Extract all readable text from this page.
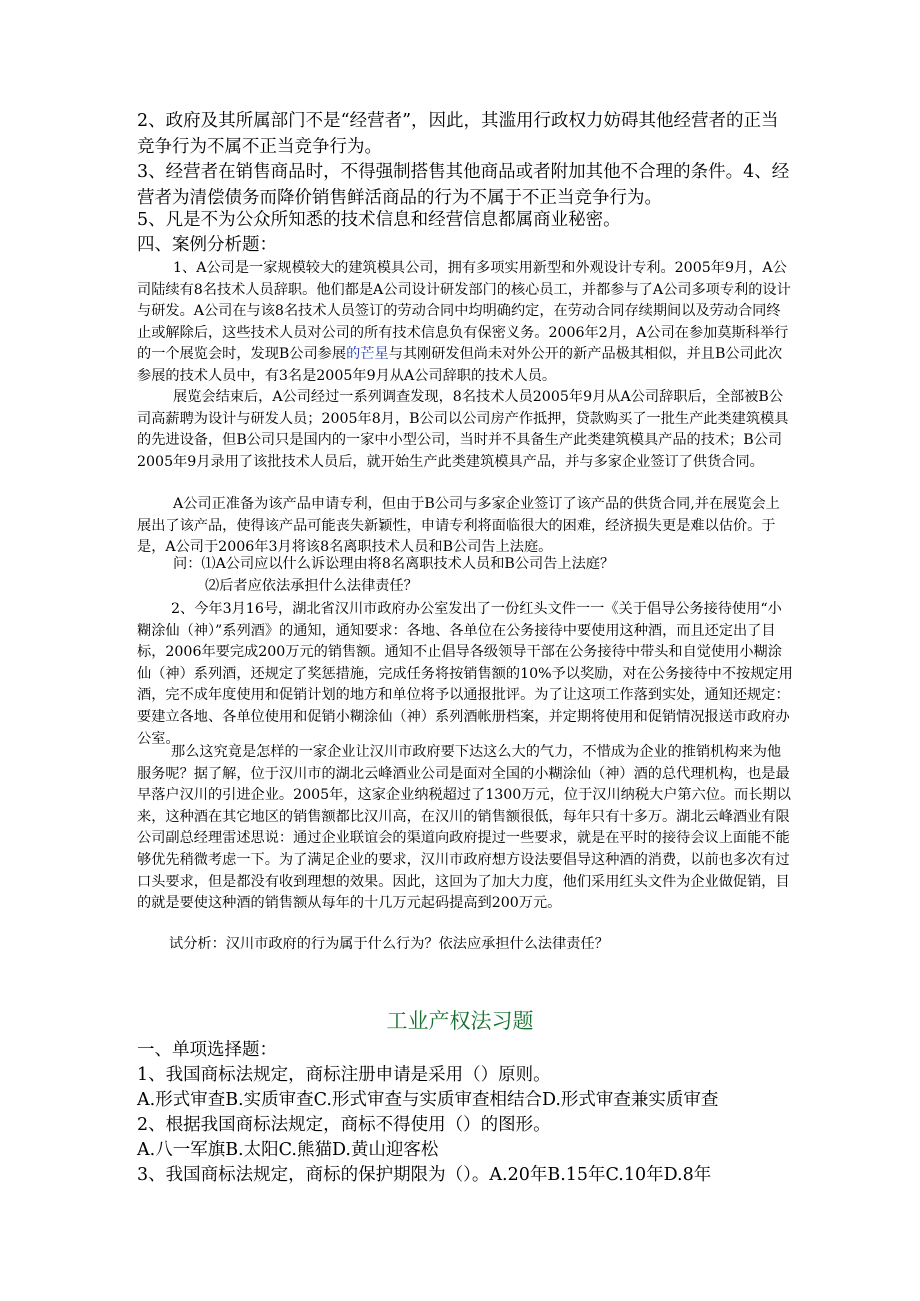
2、政府及其所属部门不是“经营者”，因此，其滥用行政权力妨碍其他经营者的正当竞争行为不属不正当竞争行为。

3、经营者在销售商品时，不得强制搭售其他商品或者附加其他不合理的条件。4、经营者为清偿债务而降价销售鲜活商品的行为不属于不正当竞争行为。

5、凡是不为公众所知悉的技术信息和经营信息都属商业秘密。

四、案例分析题：

1、A公司是一家规模较大的建筑模具公司，拥有多项实用新型和外观设计专利。2005年9月，A公司陆续有8名技术人员辞职。他们都是A公司设计研发部门的核心员工，并都参与了A公司多项专利的设计与研发。A公司在与该8名技术人员签订的劳动合同中均明确约定，在劳动合同存续期间以及劳动合同终止或解除后，这些技术人员对公司的所有技术信息负有保密义务。2006年2月，A公司在参加莫斯科举行的一个展览会时，发现B公司参展的芒星与其刚研发但尚未对外公开的新产品极其相似，并且B公司此次参展的技术人员中，有3名是2005年9月从A公司辞职的技术人员。

展览会结束后，A公司经过一系列调查发现，8名技术人员2005年9月从A公司辞职后，全部被B公司高薪聘为设计与研发人员；2005年8月，B公司以公司房产作抵押，贷款购买了一批生产此类建筑模具的先进设备，但B公司只是国内的一家中小型公司，当时并不具备生产此类建筑模具产品的技术；B公司2005年9月录用了该批技术人员后，就开始生产此类建筑模具产品，并与多家企业签订了供货合同。

A公司正准备为该产品申请专利，但由于B公司与多家企业签订了该产品的供货合同,并在展览会上展出了该产品，使得该产品可能丧失新颖性，申请专利将面临很大的困难，经济损失更是难以估价。于是，A公司于2006年3月将该8名离职技术人员和B公司告上法庭。

问：⑴A公司应以什么诉讼理由将8名离职技术人员和B公司告上法庭？

⑵后者应依法承担什么法律责任？

2、今年3月16号，湖北省汉川市政府办公室发出了一份红头文件一一《关于倡导公务接待使用“小糊涂仙（神）”系列酒》的通知，通知要求：各地、各单位在公务接待中要使用这种酒，而且还定出了目标，2006年要完成200万元的销售额。通知不止倡导各级领导干部在公务接待中带头和自觉使用小糊涂仙（神）系列酒，还规定了奖惩措施，完成任务将按销售额的10%予以奖励，对在公务接待中不按规定用酒，完不成年度使用和促销计划的地方和单位将予以通报批评。为了让这项工作落到实处，通知还规定：要建立各地、各单位使用和促销小糊涂仙（神）系列酒帐册档案，并定期将使用和促销情况报送市政府办公室。

那么这究竟是怎样的一家企业让汉川市政府要下达这么大的气力，不惜成为企业的推销机构来为他服务呢？据了解，位于汉川市的湖北云峰酒业公司是面对全国的小糊涂仙（神）酒的总代理机构，也是最早落户汉川的引进企业。2005年，这家企业纳税超过了1300万元，位于汉川纳税大户第六位。而长期以来，这种酒在其它地区的销售额都比汉川高，在汉川的销售额很低，每年只有十多万。湖北云峰酒业有限公司副总经理雷述思说：通过企业联谊会的渠道向政府提过一些要求，就是在平时的接待会议上面能不能够优先稍微考虑一下。为了满足企业的要求，汉川市政府想方设法要倡导这种酒的消费，以前也多次有过口头要求，但是都没有收到理想的效果。因此，这回为了加大力度，他们采用红头文件为企业做促销，目的就是要使这种酒的销售额从每年的十几万元起码提高到200万元。

试分析：汉川市政府的行为属于什么行为？依法应承担什么法律责任？

工业产权法习题

一、单项选择题：

1、我国商标法规定，商标注册申请是采用（）原则。

A.形式审查B.实质审查C.形式审查与实质审查相结合D.形式审查兼实质审查

2、根据我国商标法规定，商标不得使用（）的图形。

A.八一军旗B.太阳C.熊猫D.黄山迎客松

3、我国商标法规定，商标的保护期限为（）。A.20年B.15年C.10年D.8年
